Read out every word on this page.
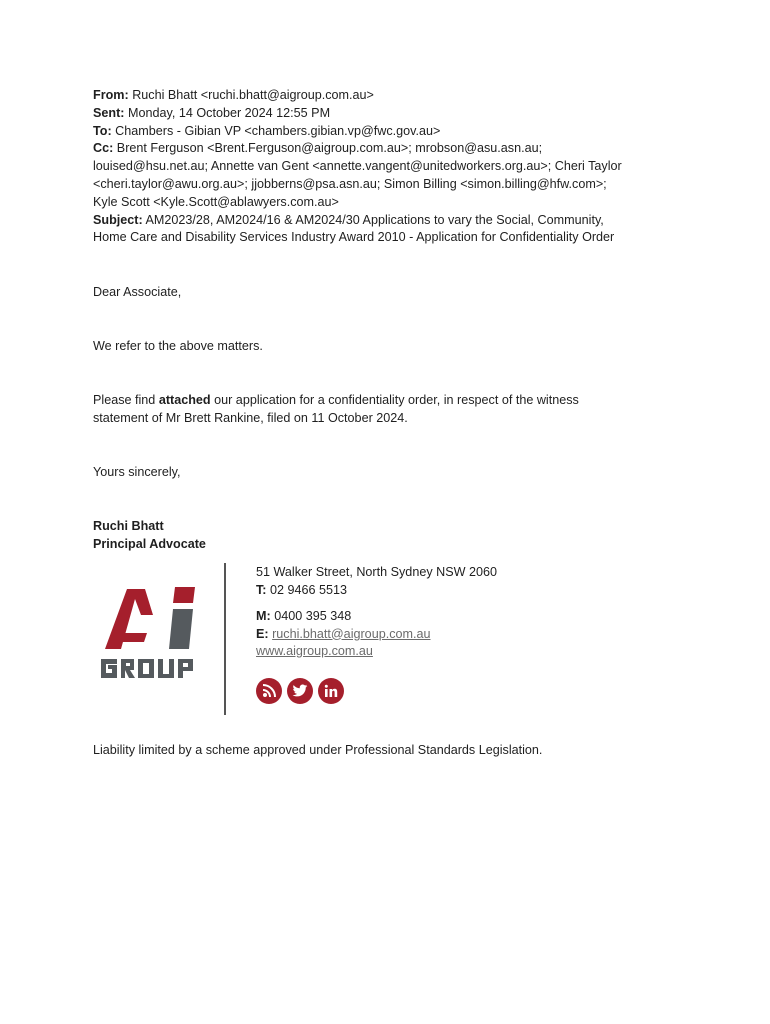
From: Ruchi Bhatt <ruchi.bhatt@aigroup.com.au>
Sent: Monday, 14 October 2024 12:55 PM
To: Chambers - Gibian VP <chambers.gibian.vp@fwc.gov.au>
Cc: Brent Ferguson <Brent.Ferguson@aigroup.com.au>; mrobson@asu.asn.au;
louised@hsu.net.au; Annette van Gent <annette.vangent@unitedworkers.org.au>; Cheri Taylor
<cheri.taylor@awu.org.au>; jjobberns@psa.asn.au; Simon Billing <simon.billing@hfw.com>;
Kyle Scott <Kyle.Scott@ablawyers.com.au>
Subject: AM2023/28, AM2024/16 & AM2024/30 Applications to vary the Social, Community,
Home Care and Disability Services Industry Award 2010 - Application for Confidentiality Order
Dear Associate,
We refer to the above matters.
Please find attached our application for a confidentiality order, in respect of the witness
statement of Mr Brett Rankine, filed on 11 October 2024.
Yours sincerely,
Ruchi Bhatt
Principal Advocate
51 Walker Street, North Sydney NSW 2060
T: 02 9466 5513
M: 0400 395 348
E: ruchi.bhatt@aigroup.com.au
www.aigroup.com.au
Liability limited by a scheme approved under Professional Standards Legislation.
